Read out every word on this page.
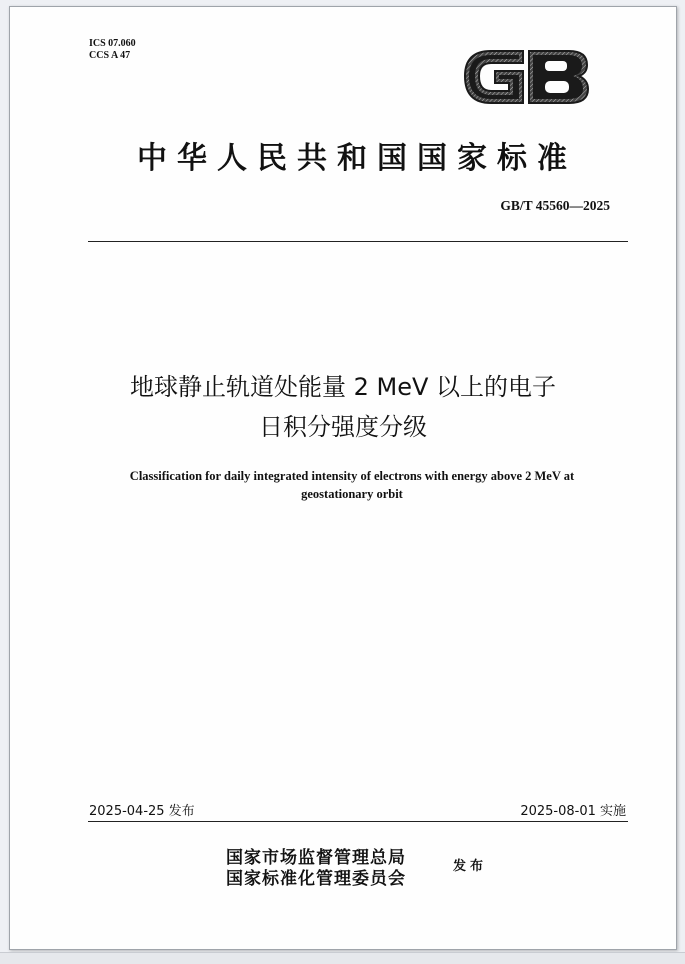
ICS 07.060
CCS A 47
中华人民共和国国家标准
GB/T 45560—2025
地球静止轨道处能量 2 MeV 以上的电子
日积分强度分级
Classification for daily integrated intensity of electrons with energy above 2 MeV at
geostationary orbit
2025-04-25 发布	2025-08-01 实施
国家市场监督管理总局
国家标准化管理委员会
发布
